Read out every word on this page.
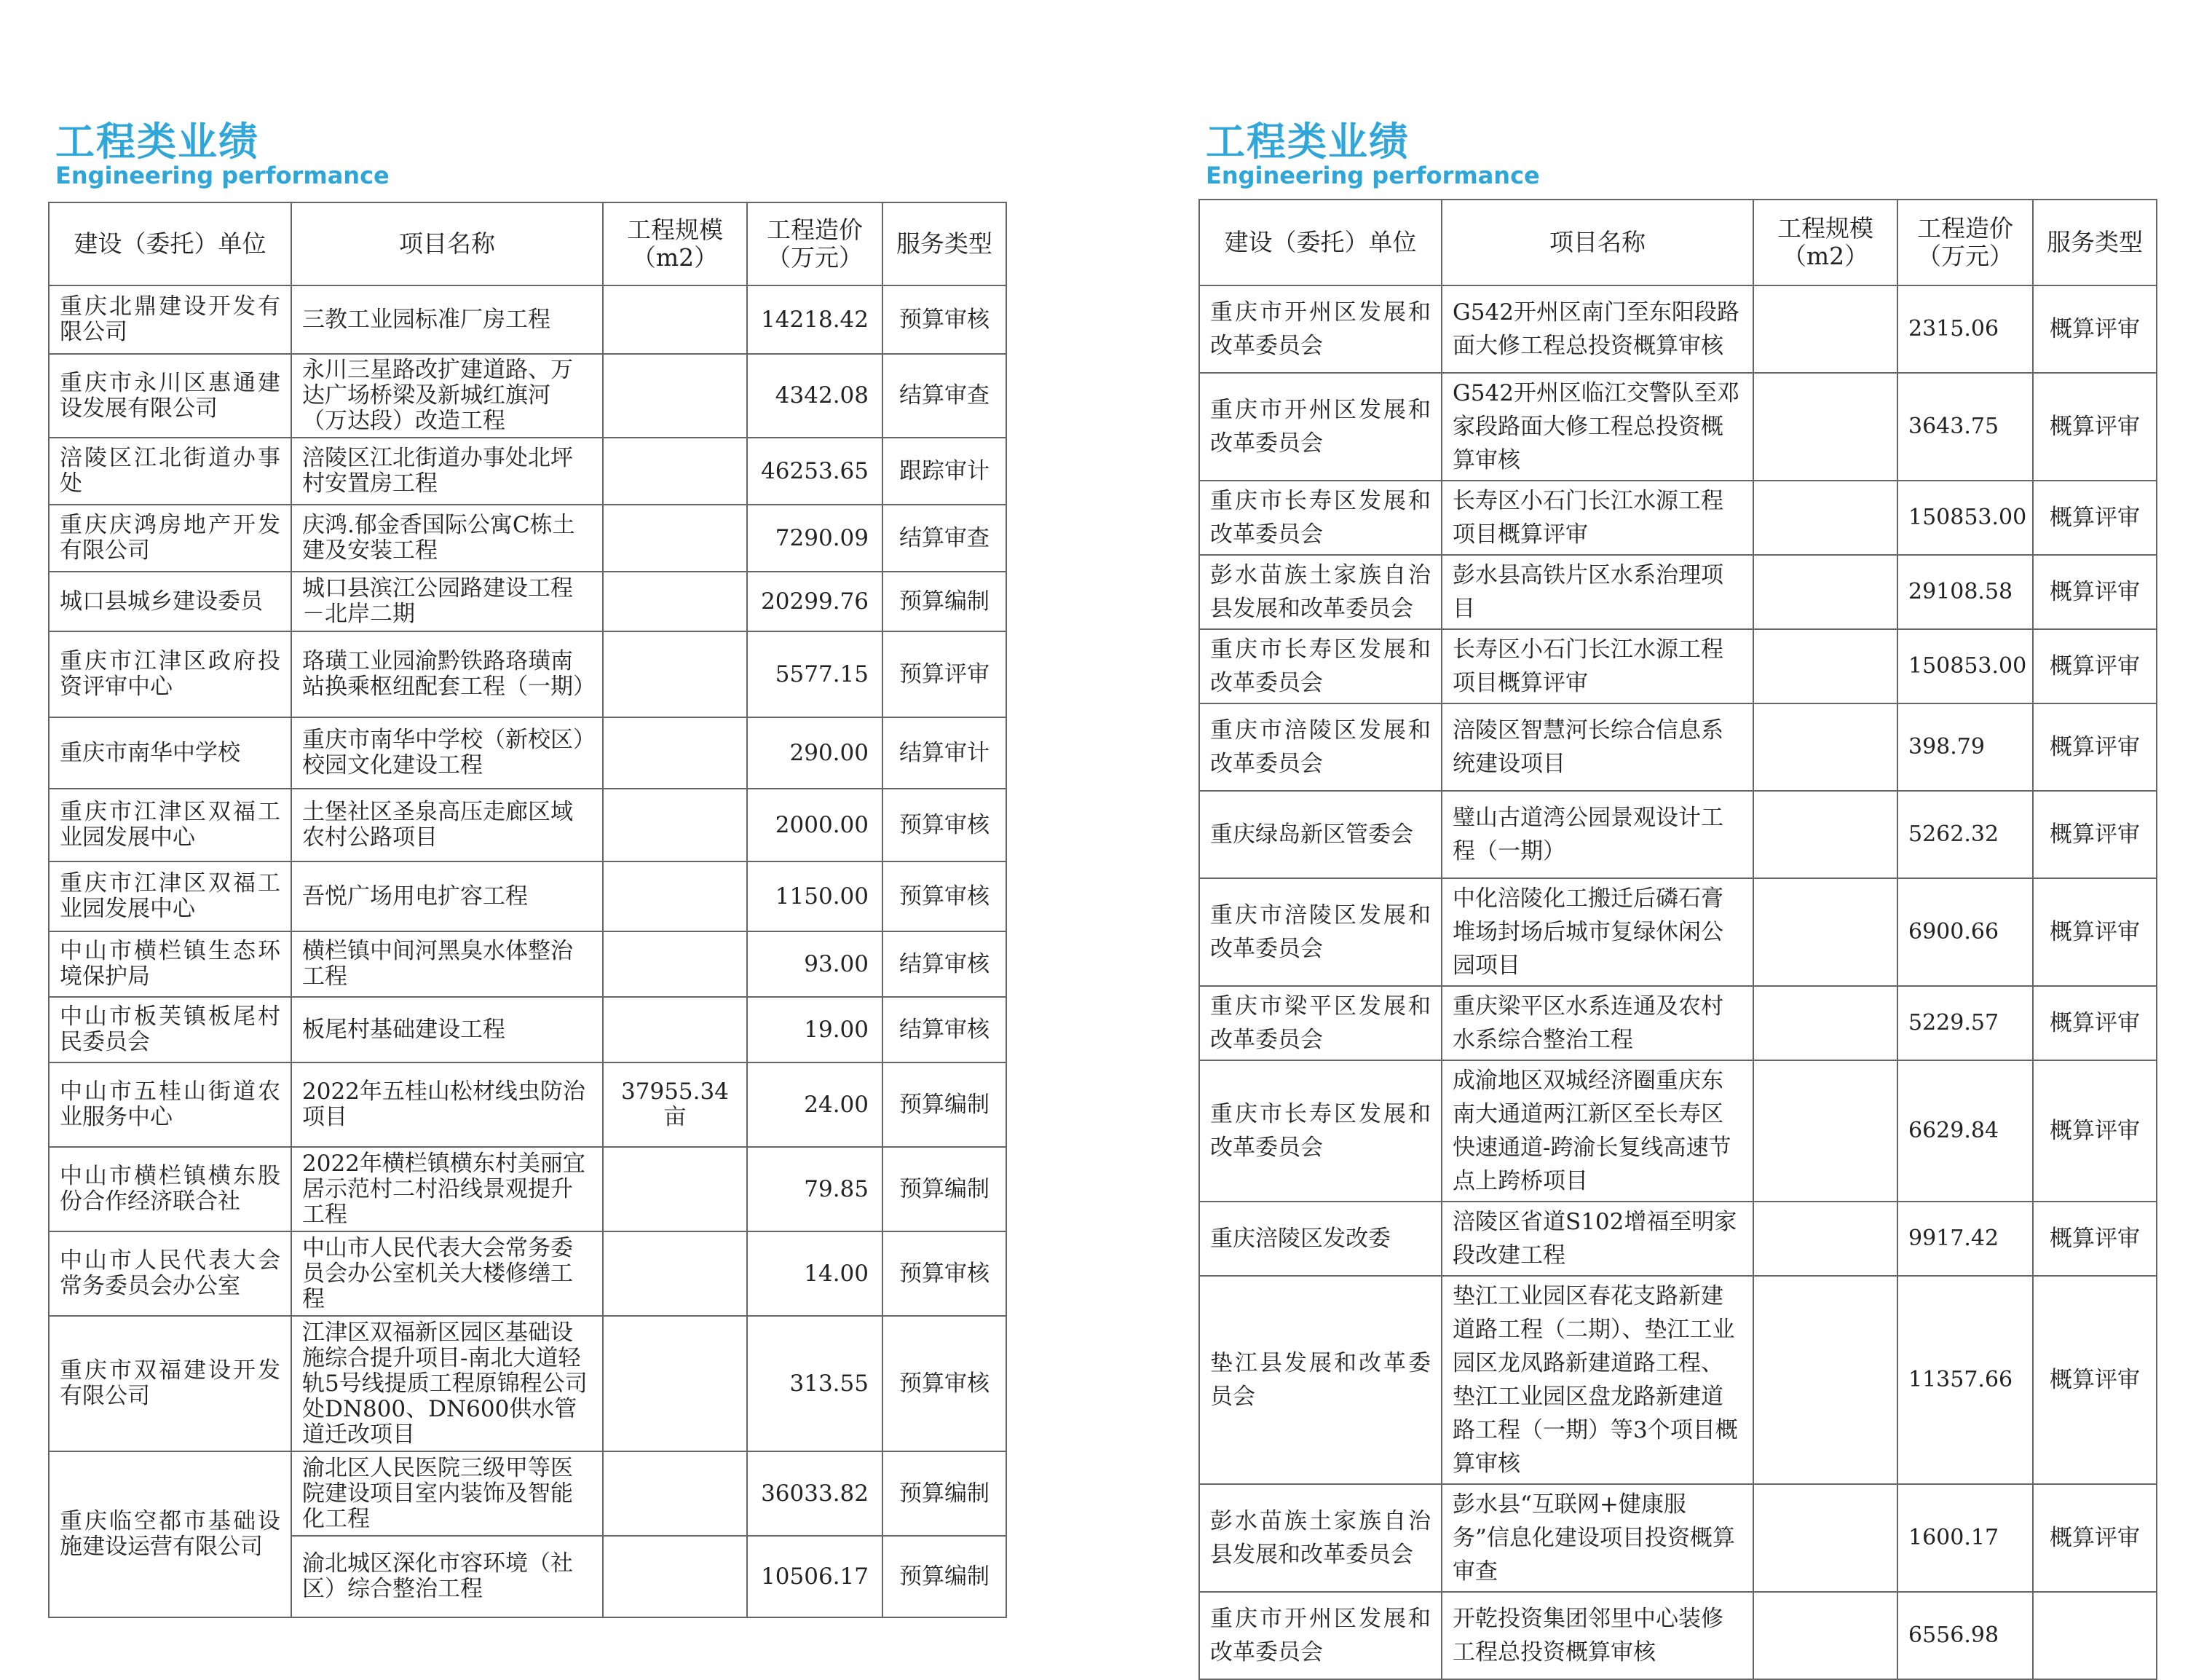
工程类业绩
Engineering performance
建设（委托）单位	项目名称	工程规模（m2）	工程造价（万元）	服务类型
重庆北鼎建设开发有限公司	三教工业园标准厂房工程		14218.42	预算审核
重庆市永川区惠通建设发展有限公司	永川三星路改扩建道路、万达广场桥梁及新城红旗河（万达段）改造工程		4342.08	结算审查
涪陵区江北街道办事处	涪陵区江北街道办事处北坪村安置房工程		46253.65	跟踪审计
重庆庆鸿房地产开发有限公司	庆鸿.郁金香国际公寓C栋土建及安装工程		7290.09	结算审查
城口县城乡建设委员	城口县滨江公园路建设工程－北岸二期		20299.76	预算编制
重庆市江津区政府投资评审中心	珞璜工业园渝黔铁路珞璜南站换乘枢纽配套工程（一期）		5577.15	预算评审
重庆市南华中学校	重庆市南华中学校（新校区）校园文化建设工程		290.00	结算审计
重庆市江津区双福工业园发展中心	土堡社区圣泉高压走廊区域农村公路项目		2000.00	预算审核
重庆市江津区双福工业园发展中心	吾悦广场用电扩容工程		1150.00	预算审核
中山市横栏镇生态环境保护局	横栏镇中间河黑臭水体整治工程		93.00	结算审核
中山市板芙镇板尾村民委员会	板尾村基础建设工程		19.00	结算审核
中山市五桂山街道农业服务中心	2022年五桂山松材线虫防治项目	37955.34亩	24.00	预算编制
中山市横栏镇横东股份合作经济联合社	2022年横栏镇横东村美丽宜居示范村二村沿线景观提升工程		79.85	预算编制
中山市人民代表大会常务委员会办公室	中山市人民代表大会常务委员会办公室机关大楼修缮工程		14.00	预算审核
重庆市双福建设开发有限公司	江津区双福新区园区基础设施综合提升项目-南北大道轻轨5号线提质工程原锦程公司处DN800、DN600供水管道迁改项目		313.55	预算审核
重庆临空都市基础设施建设运营有限公司	渝北区人民医院三级甲等医院建设项目室内装饰及智能化工程		36033.82	预算编制
	渝北城区深化市容环境（社区）综合整治工程		10506.17	预算编制
工程类业绩
Engineering performance
建设（委托）单位	项目名称	工程规模（m2）	工程造价（万元）	服务类型
重庆市开州区发展和改革委员会	G542开州区南门至东阳段路面大修工程总投资概算审核		2315.06	概算评审
重庆市开州区发展和改革委员会	G542开州区临江交警队至邓家段路面大修工程总投资概算审核		3643.75	概算评审
重庆市长寿区发展和改革委员会	长寿区小石门长江水源工程项目概算评审		150853.00	概算评审
彭水苗族土家族自治县发展和改革委员会	彭水县高铁片区水系治理项目		29108.58	概算评审
重庆市长寿区发展和改革委员会	长寿区小石门长江水源工程项目概算评审		150853.00	概算评审
重庆市涪陵区发展和改革委员会	涪陵区智慧河长综合信息系统建设项目		398.79	概算评审
重庆绿岛新区管委会	璧山古道湾公园景观设计工程（一期）		5262.32	概算评审
重庆市涪陵区发展和改革委员会	中化涪陵化工搬迁后磷石膏堆场封场后城市复绿休闲公园项目		6900.66	概算评审
重庆市梁平区发展和改革委员会	重庆梁平区水系连通及农村水系综合整治工程		5229.57	概算评审
重庆市长寿区发展和改革委员会	成渝地区双城经济圈重庆东南大通道两江新区至长寿区快速通道-跨渝长复线高速节点上跨桥项目		6629.84	概算评审
重庆涪陵区发改委	涪陵区省道S102增福至明家段改建工程		9917.42	概算评审
垫江县发展和改革委员会	垫江工业园区春花支路新建道路工程（二期）、垫江工业园区龙凤路新建道路工程、垫江工业园区盘龙路新建道路工程（一期）等3个项目概算审核		11357.66	概算评审
彭水苗族土家族自治县发展和改革委员会	彭水县“互联网+健康服务”信息化建设项目投资概算审查		1600.17	概算评审
重庆市开州区发展和改革委员会	开乾投资集团邻里中心装修工程总投资概算审核		6556.98	
